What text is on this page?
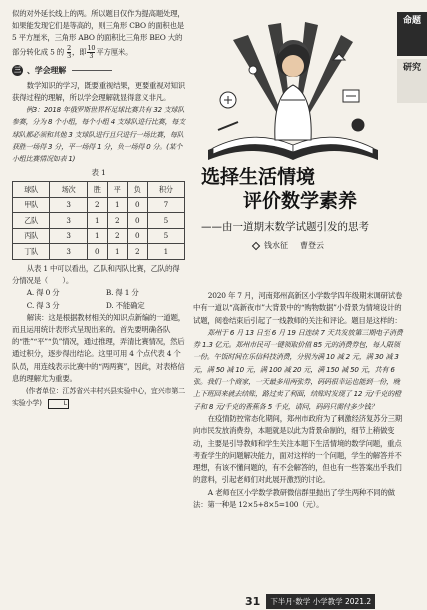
似的对外延长线上的两。所以题目仅作为提高题处理，如果能发现它们是等高的，则三角形 CBO 的面积也是 5 平方厘米，三角形 ABO 的面积比三角形 BEO 大的部分转化成 5 的 $\frac{2}{3}$ ，即 $\frac{10}{3}$ 平方厘米。

三 、学会理解

数学知识的学习，既要重视结果，更要重视对知识获得过程的理解，所以学会理解就显得意义非凡。

例3：2018 年俄罗斯世界杯足球比赛共有 32 支球队参赛，分为 8 个小组，每个小组 4 支球队进行比赛，每支球队都必须和其他 3 支球队进行且只进行一场比赛，每队获胜一场得 3 分，平一场得 1 分，负一场得 0 分。(某个小组比赛情况如表 1)

表 1
球队	场次	胜	平	负	积分
甲队	3	2	1	0	7
乙队	3	1	2	0	5
丙队	3	1	2	0	5
丁队	3	0	1	2	1

从表 1 中可以看出，乙队和丙队比赛，乙队的得分情况是（　　）。

A. 得 0 分	B. 得 1 分
C. 得 3 分	D. 不能确定

解读：这是根据教材相关的知识点新编的一道题，而且运用统计表形式呈现出来的。首先要明确各队的“胜”“平”“负”情况，通过推理，弄清比赛情况，然后通过积分，逐步得出结论。这里可用 4 个点代表 4 个队员，用连线表示比赛中的“两两赛”，因此，对表格信息的理解尤为重要。

(作者单位：江苏省兴丰村兴县实验中心，宜兴市第二实验小学)	L

命题
研究
选择生活情境
评价数学素养
——由一道期末数学试题引发的思考
钱水征 曹登云

2020 年 7 月，河南郑州高新区小学数学四年级期末调研试卷中有一道以“高新夜市”大背景中的“购物数据”小背景为情境设计的试题，阅卷结束后引起了一线教师的关注和评论。题目是这样的：

郑州于 6 月 13 日至 6 月 19 日连续 7 天共发放第三期电子消费券 1.3 亿元。郑州市民可一键领取价值 85 元的消费券包，每人限领一份。午饭时间在乐信科技消费，分别为满 10 减 2 元，满 30 减 3 元，满 50 减 10 元，满 100 减 20 元，满 150 减 50 元，共有 6 张。我们一个商家，一天最多用两张券，码码很幸运也能到一份，晚上下班回来就去结账，路过卖了利面，结账时发现了 12 元/千克的橙子和 8 元/千克的香蕉各 5 千克，请问，码码只需付多少钱？

在疫情防控常态化期间，郑州市政府为了刺激经济复苏分三期向市民发放消费券，本题就是以此为背景命制的，细节上稍做变动，主要是引导教师和学生关注本题下生活情境的数学问题，重点考查学生的问题解决能力，面对这样的一个问题，学生的解答并不理想，有该不懂问题的，有不会解答的，但也有一些答案出乎我们的意料，引起老师们对此展开激烈的讨论。

A 老师在区小学数学教研微信群里抛出了学生两种不同的做法：第一种是 12×5+8×5=100（元）。

31	下半月·数学 小学教学 2021.2
